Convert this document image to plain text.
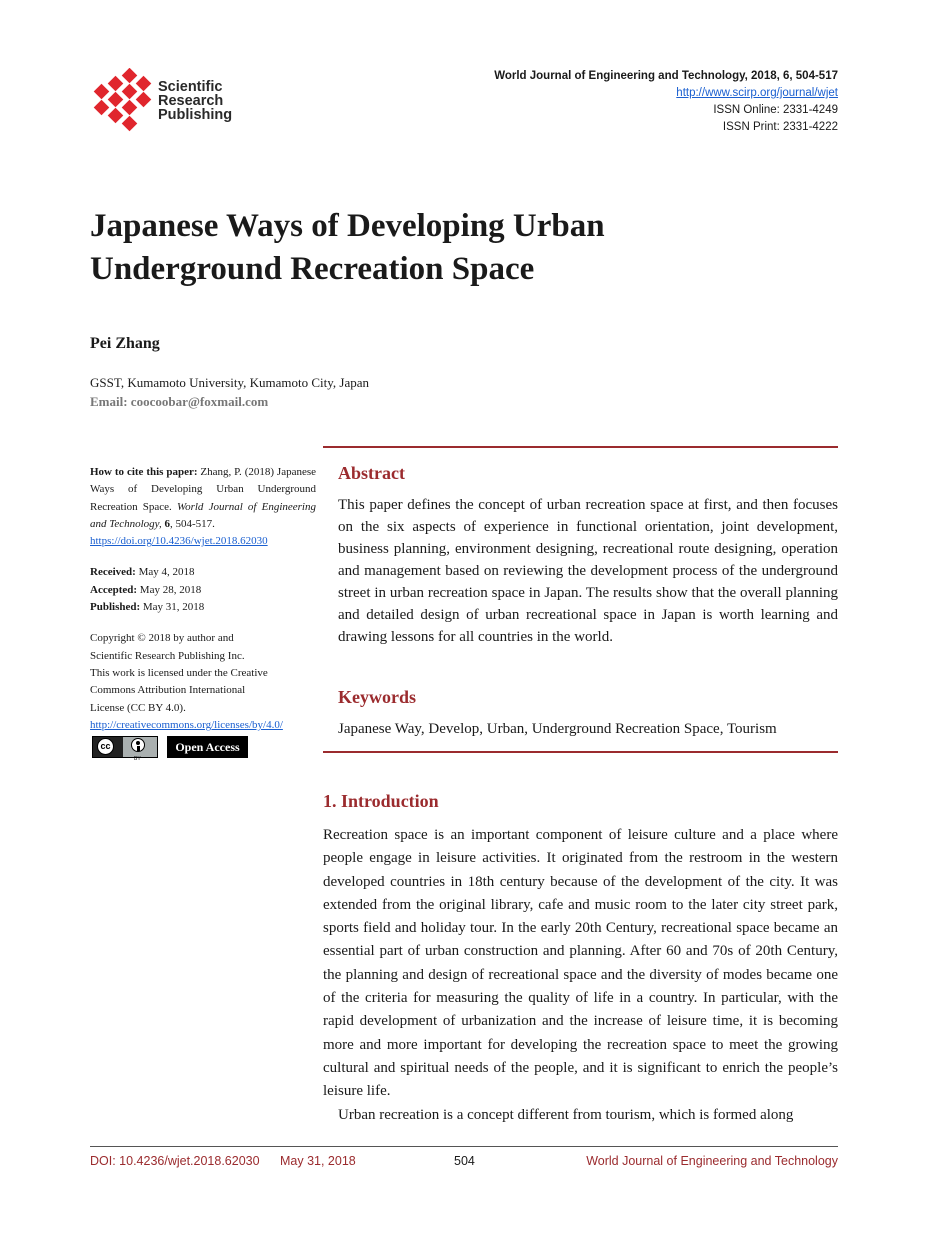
Scientific
Research
Publishing
World Journal of Engineering and Technology, 2018, 6, 504-517
http://www.scirp.org/journal/wjet
ISSN Online: 2331-4249
ISSN Print: 2331-4222
Japanese Ways of Developing Urban Underground Recreation Space
Pei Zhang
GSST, Kumamoto University, Kumamoto City, Japan
Email: coocoobar@foxmail.com

How to cite this paper: Zhang, P. (2018) Japanese Ways of Developing Urban Underground Recreation Space. World Journal of Engineering and Technology, 6, 504-517.

https://doi.org/10.4236/wjet.2018.62030

Received: May 4, 2018

Accepted: May 28, 2018

Published: May 31, 2018

Copyright © 2018 by author and

Scientific Research Publishing Inc.

This work is licensed under the Creative

Commons Attribution International

License (CC BY 4.0).

http://creativecommons.org/licenses/by/4.0/

cc
BY
Open Access
Abstract

This paper defines the concept of urban recreation space at first, and then focuses on the six aspects of experience in functional orientation, joint development, business planning, environment designing, recreational route designing, operation and management based on reviewing the development process of the underground street in urban recreation space in Japan. The results show that the overall planning and detailed design of urban recreational space in Japan is worth learning and drawing lessons for all countries in the world.

Keywords

Japanese Way, Develop, Urban, Underground Recreation Space, Tourism

1. Introduction

Recreation space is an important component of leisure culture and a place where people engage in leisure activities. It originated from the restroom in the western developed countries in 18th century because of the development of the city. It was extended from the original library, cafe and music room to the later city street park, sports field and holiday tour. In the early 20th Century, recreational space became an essential part of urban construction and planning. After 60 and 70s of 20th Century, the planning and design of recreational space and the diversity of modes became one of the criteria for measuring the quality of life in a country. In particular, with the rapid development of urbanization and the increase of leisure time, it is becoming more and more important for developing the recreation space to meet the growing cultural and spiritual needs of the people, and it is significant to enrich the people’s leisure life.

Urban recreation is a concept different from tourism, which is formed along

DOI: 10.4236/wjet.2018.62030 May 31, 2018	504	World Journal of Engineering and Technology
